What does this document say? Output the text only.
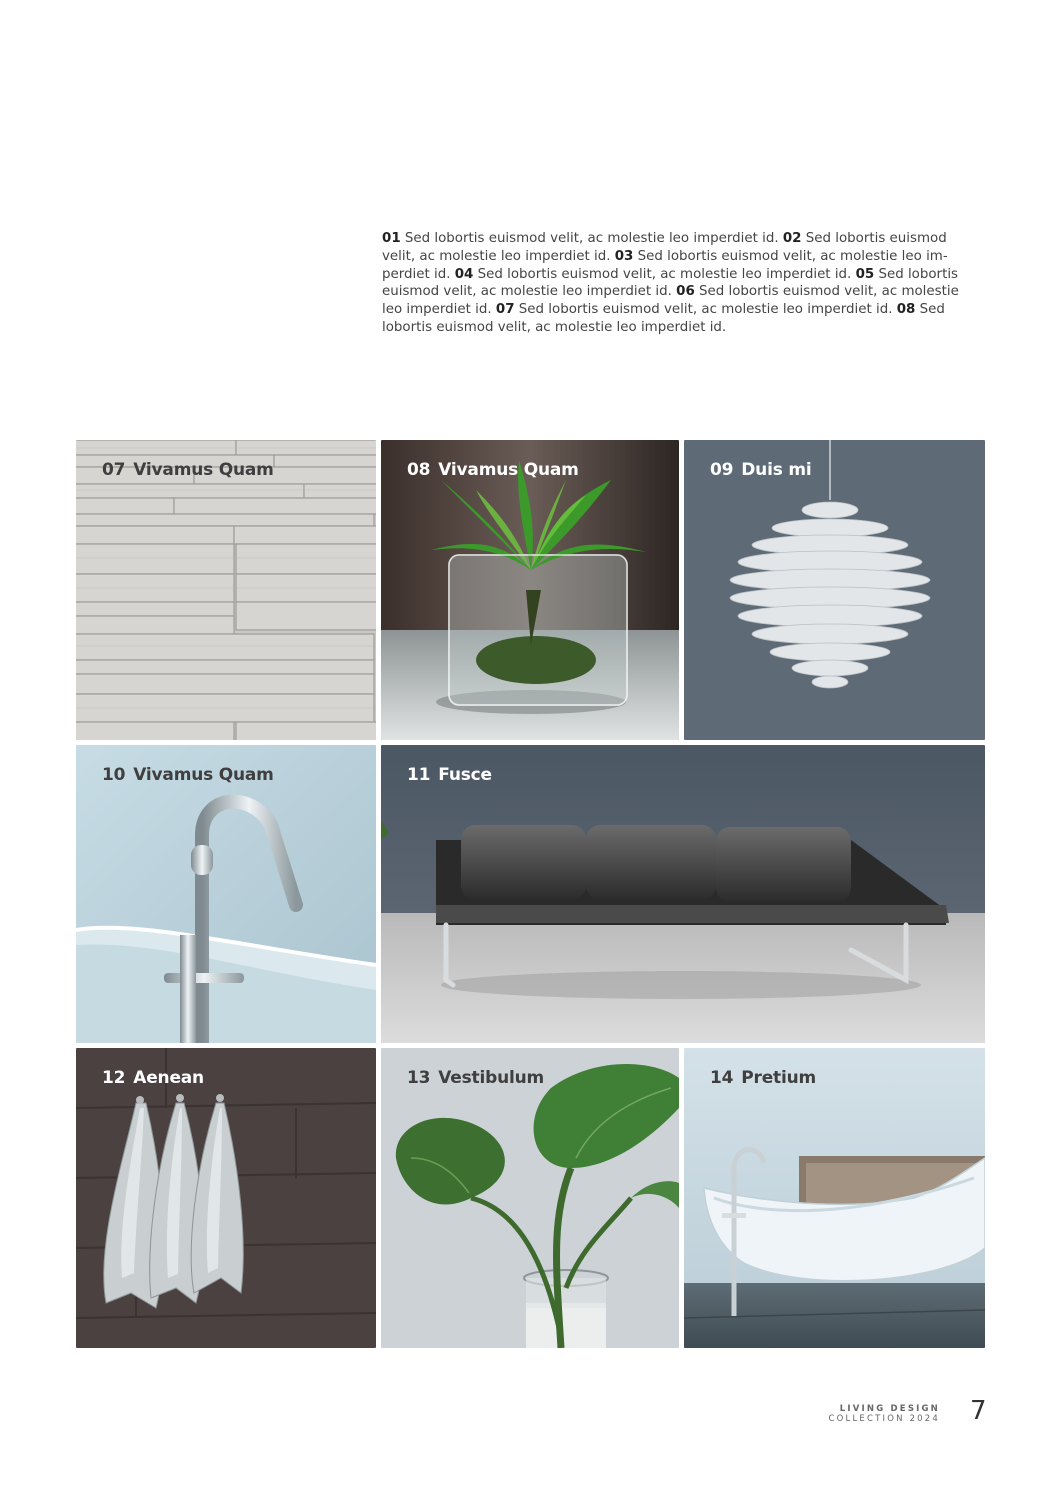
01 Sed lobortis euismod velit, ac molestie leo imperdiet id. 02 Sed lobortis euismod velit, ac molestie leo imperdiet id. 03 Sed lobortis euismod velit, ac molestie leo im-perdiet id. 04 Sed lobortis euismod velit, ac molestie leo imperdiet id. 05 Sed lobortis euismod velit, ac molestie leo imperdiet id. 06 Sed lobortis euismod velit, ac molestie leo imperdiet id. 07 Sed lobortis euismod velit, ac molestie leo imperdiet id. 08 Sed lobortis euismod velit, ac molestie leo imperdiet id.
07 Vivamus Quam	08 Vivamus Quam	09 Duis mi
10 Vivamus Quam	11 Fusce
12 Aenean	13 Vestibulum	14 Pretium
LIVING DESIGN
COLLECTION 2024 7
